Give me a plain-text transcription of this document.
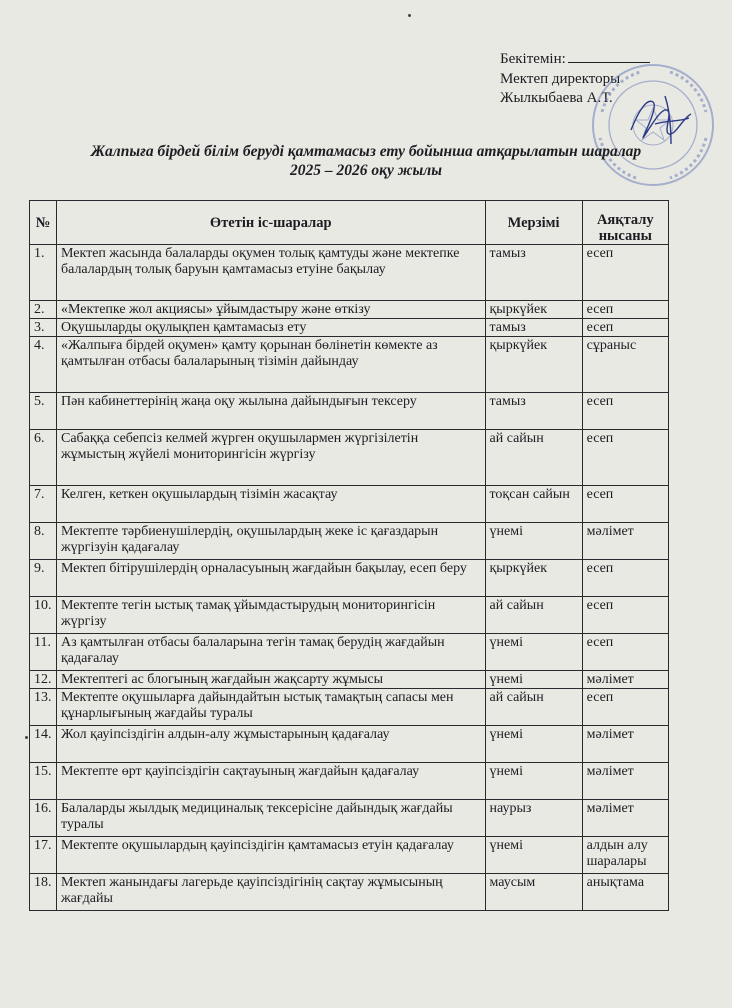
Бекітемін:
Мектеп директоры
Жылкыбаева А.Т.
Жалпыға бірдей білім беруді қамтамасыз ету бойынша атқарылатын шаралар
2025 – 2026 оқу жылы
№	Өтетін іс-шаралар	Мерзімі	Аяқталу нысаны
1.	Мектеп жасында балаларды оқумен толық қамтуды және мектепке балалардың толық баруын қамтамасыз етуіне бақылау	тамыз	есеп
2.	«Мектепке жол акциясы» ұйымдастыру және өткізу	қыркүйек	есеп
3.	Оқушыларды оқулықпен қамтамасыз ету	тамыз	есеп
4.	«Жалпыға бірдей оқумен» қамту қорынан бөлінетін көмекте аз қамтылған отбасы балаларының тізімін дайындау	қыркүйек	сұраныс
5.	Пән кабинеттерінің жаңа оқу жылына дайындығын тексеру	тамыз	есеп
6.	Сабаққа себепсіз келмей жүрген оқушылармен жүргізілетін жұмыстың жүйелі мониторингісін жүргізу	ай сайын	есеп
7.	Келген, кеткен оқушылардың тізімін жасақтау	тоқсан сайын	есеп
8.	Мектепте тәрбиенушілердің, оқушылардың жеке іс қағаздарын жүргізуін қадағалау	үнемі	мәлімет
9.	Мектеп бітірушілердің орналасуының жағдайын бақылау, есеп беру	қыркүйек	есеп
10.	Мектепте тегін ыстық тамақ ұйымдастырудың мониторингісін жүргізу	ай сайын	есеп
11.	Аз қамтылған отбасы балаларына тегін тамақ берудің жағдайын қадағалау	үнемі	есеп
12.	Мектептегі ас блогының жағдайын жақсарту жұмысы	үнемі	мәлімет
13.	Мектепте оқушыларға дайындайтын ыстық тамақтың сапасы мен құнарлығының жағдайы туралы	ай сайын	есеп
14.	Жол қауіпсіздігін алдын-алу жұмыстарының қадағалау	үнемі	мәлімет
15.	Мектепте өрт қауіпсіздігін сақтауының жағдайын қадағалау	үнемі	мәлімет
16.	Балаларды жылдық медициналық тексерісіне дайындық жағдайы туралы	наурыз	мәлімет
17.	Мектепте оқушылардың қауіпсіздігін қамтамасыз етуін қадағалау	үнемі	алдын алу шаралары
18.	Мектеп жанындағы лагерьде қауіпсіздігінің сақтау жұмысының жағдайы	маусым	анықтама
